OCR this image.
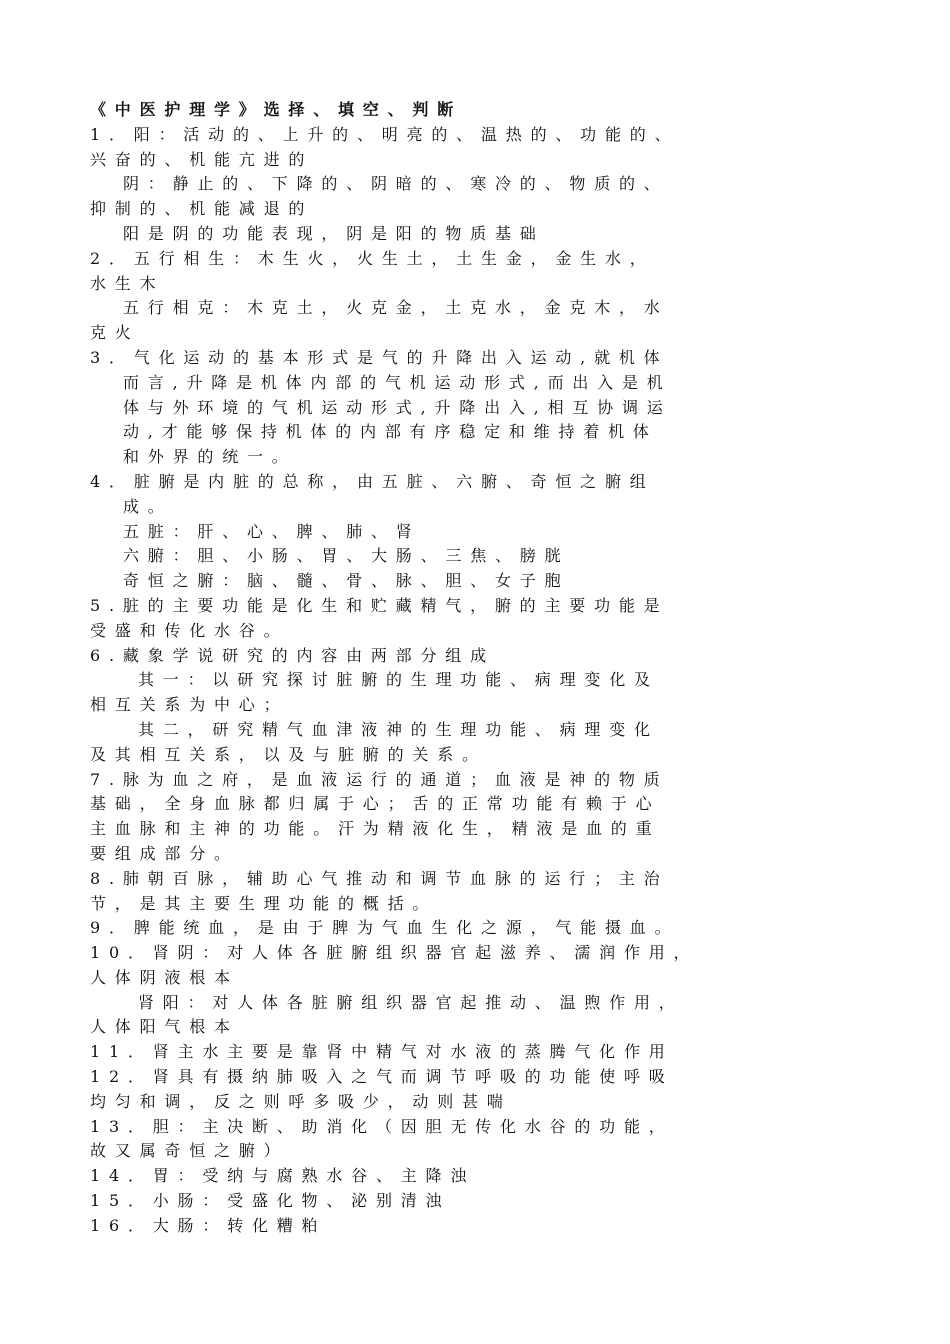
《中医护理学》选择、填空、判断
1．阳：活动的、上升的、明亮的、温热的、功能的、
兴奋的、机能亢进的
阴：静止的、下降的、阴暗的、寒冷的、物质的、
抑制的、机能减退的
阳是阴的功能表现，阴是阳的物质基础
2．五行相生：木生火，火生土，土生金，金生水，
水生木
五行相克：木克土，火克金，土克水，金克木，水
克火
3．气化运动的基本形式是气的升降出入运动,就机体
而言,升降是机体内部的气机运动形式,而出入是机
体与外环境的气机运动形式,升降出入,相互协调运
动,才能够保持机体的内部有序稳定和维持着机体
和外界的统一。
4．脏腑是内脏的总称，由五脏、六腑、奇恒之腑组
成。
五脏：肝、心、脾、肺、肾
六腑：胆、小肠、胃、大肠、三焦、膀胱
奇恒之腑：脑、髓、骨、脉、胆、女子胞
5.脏的主要功能是化生和贮藏精气，腑的主要功能是
受盛和传化水谷。
6.藏象学说研究的内容由两部分组成
其一：以研究探讨脏腑的生理功能、病理变化及
相互关系为中心；
其二，研究精气血津液神的生理功能、病理变化
及其相互关系，以及与脏腑的关系。
7.脉为血之府，是血液运行的通道；血液是神的物质
基础，全身血脉都归属于心；舌的正常功能有赖于心
主血脉和主神的功能。汗为精液化生，精液是血的重
要组成部分。
8.肺朝百脉，辅助心气推动和调节血脉的运行；主治
节，是其主要生理功能的概括。
9．脾能统血，是由于脾为气血生化之源，气能摄血。
10．肾阴：对人体各脏腑组织器官起滋养、濡润作用，
人体阴液根本
肾阳：对人体各脏腑组织器官起推动、温煦作用，
人体阳气根本
11．肾主水主要是靠肾中精气对水液的蒸腾气化作用
12．肾具有摄纳肺吸入之气而调节呼吸的功能使呼吸
均匀和调，反之则呼多吸少，动则甚喘
13．胆：主决断、助消化（因胆无传化水谷的功能，
故又属奇恒之腑）
14．胃：受纳与腐熟水谷、主降浊
15．小肠：受盛化物、泌别清浊
16．大肠：转化糟粕
